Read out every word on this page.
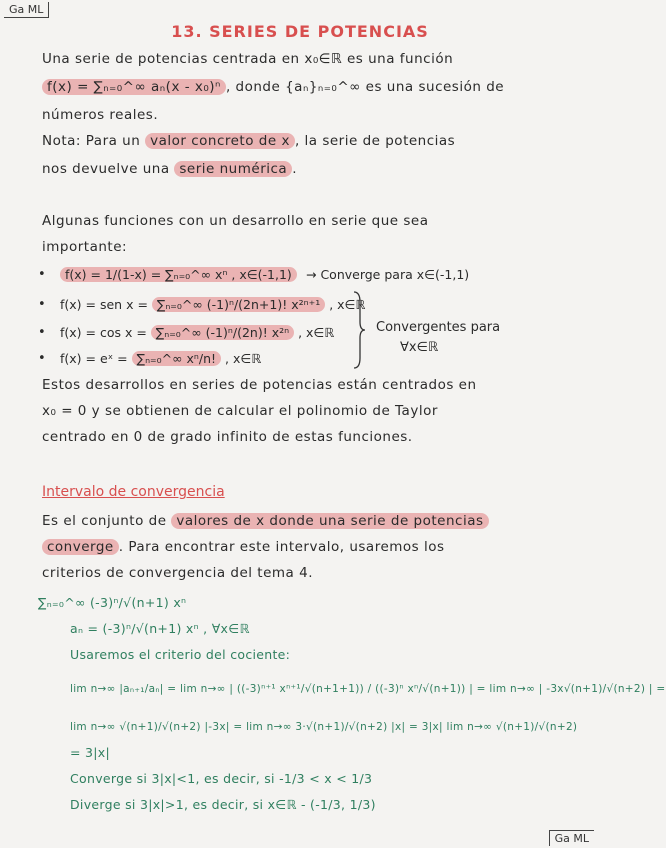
Ga ML
13. SERIES DE POTENCIAS
Una serie de potencias centrada en x₀∈ℝ es una función
f(x) = ∑ₙ₌₀^∞ aₙ(x - x₀)ⁿ , donde {aₙ}ₙ₌₀^∞ es una sucesión de
números reales.
Nota: Para un valor concreto de x , la serie de potencias
nos devuelve una serie numérica .
Algunas funciones con un desarrollo en serie que sea
importante:
•	f(x) = 1/(1-x) = ∑ₙ₌₀^∞ xⁿ , x∈(-1,1)	→ Converge para x∈(-1,1)
• f(x) = sen x = ∑ₙ₌₀^∞ (-1)ⁿ/(2n+1)! x²ⁿ⁺¹ , x∈ℝ
• f(x) = cos x = ∑ₙ₌₀^∞ (-1)ⁿ/(2n)! x²ⁿ , x∈ℝ
• f(x) = eˣ = ∑ₙ₌₀^∞ xⁿ/n! , x∈ℝ
Convergentes para
∀x∈ℝ
Estos desarrollos en series de potencias están centrados en
x₀ = 0 y se obtienen de calcular el polinomio de Taylor
centrado en 0 de grado infinito de estas funciones.
Intervalo de convergencia
Es el conjunto de valores de x donde una serie de potencias
converge . Para encontrar este intervalo, usaremos los
criterios de convergencia del tema 4.
∑ₙ₌₀^∞ (-3)ⁿ/√(n+1) xⁿ
aₙ = (-3)ⁿ/√(n+1) xⁿ , ∀x∈ℝ
Usaremos el criterio del cociente:
lim n→∞ |aₙ₊₁/aₙ| = lim n→∞ | ((-3)ⁿ⁺¹ xⁿ⁺¹/√(n+1+1)) / ((-3)ⁿ xⁿ/√(n+1)) | = lim n→∞ | -3x√(n+1)/√(n+2) | =
lim n→∞ √(n+1)/√(n+2) |-3x| = lim n→∞ 3·√(n+1)/√(n+2) |x| = 3|x| lim n→∞ √(n+1)/√(n+2)
= 3|x|
Converge si 3|x|<1, es decir, si -1/3 < x < 1/3
Diverge si 3|x|>1, es decir, si x∈ℝ - (-1/3, 1/3)
Ga ML
